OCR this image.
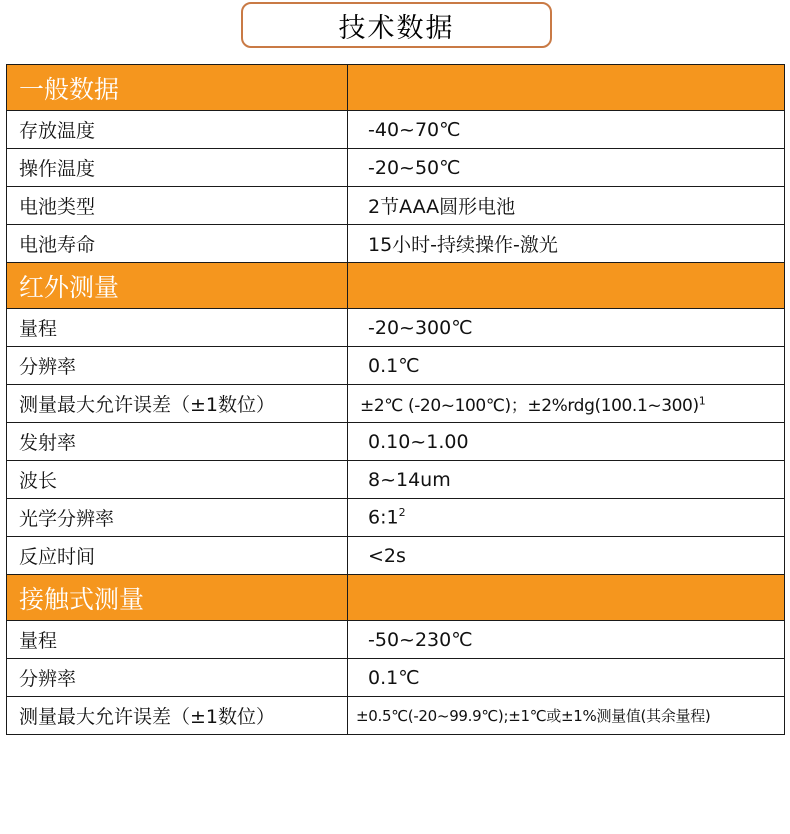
技术数据
一般数据	
存放温度	-40~70℃
操作温度	-20~50℃
电池类型	2节AAA圆形电池
电池寿命	15小时-持续操作-激光
红外测量	
量程	-20~300℃
分辨率	0.1℃
测量最大允许误差（±1数位）	±2℃ (-20~100℃)；±2%rdg(100.1~300)$^1$
发射率	0.10~1.00
波长	8~14um
光学分辨率	$6:1^2$
反应时间	<2s
接触式测量	
量程	-50~230℃
分辨率	0.1℃
测量最大允许误差（±1数位）	±0.5℃(-20~99.9℃);±1℃或±1%测量值(其余量程)
